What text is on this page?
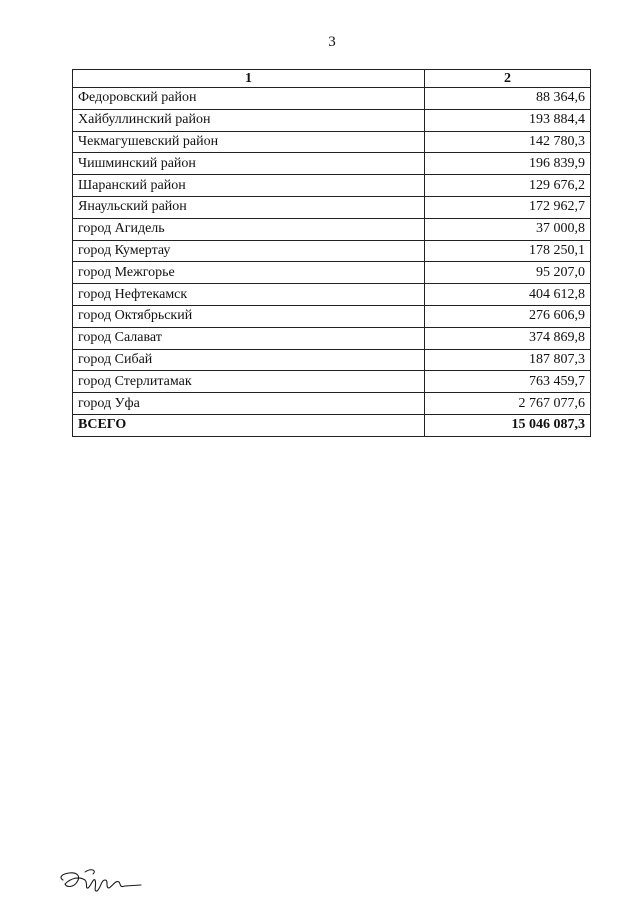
3
1	2
Федоровский район	88 364,6
Хайбуллинский район	193 884,4
Чекмагушевский район	142 780,3
Чишминский район	196 839,9
Шаранский район	129 676,2
Янаульский район	172 962,7
город Агидель	37 000,8
город Кумертау	178 250,1
город Межгорье	95 207,0
город Нефтекамск	404 612,8
город Октябрьский	276 606,9
город Салават	374 869,8
город Сибай	187 807,3
город Стерлитамак	763 459,7
город Уфа	2 767 077,6
ВСЕГО	15 046 087,3
